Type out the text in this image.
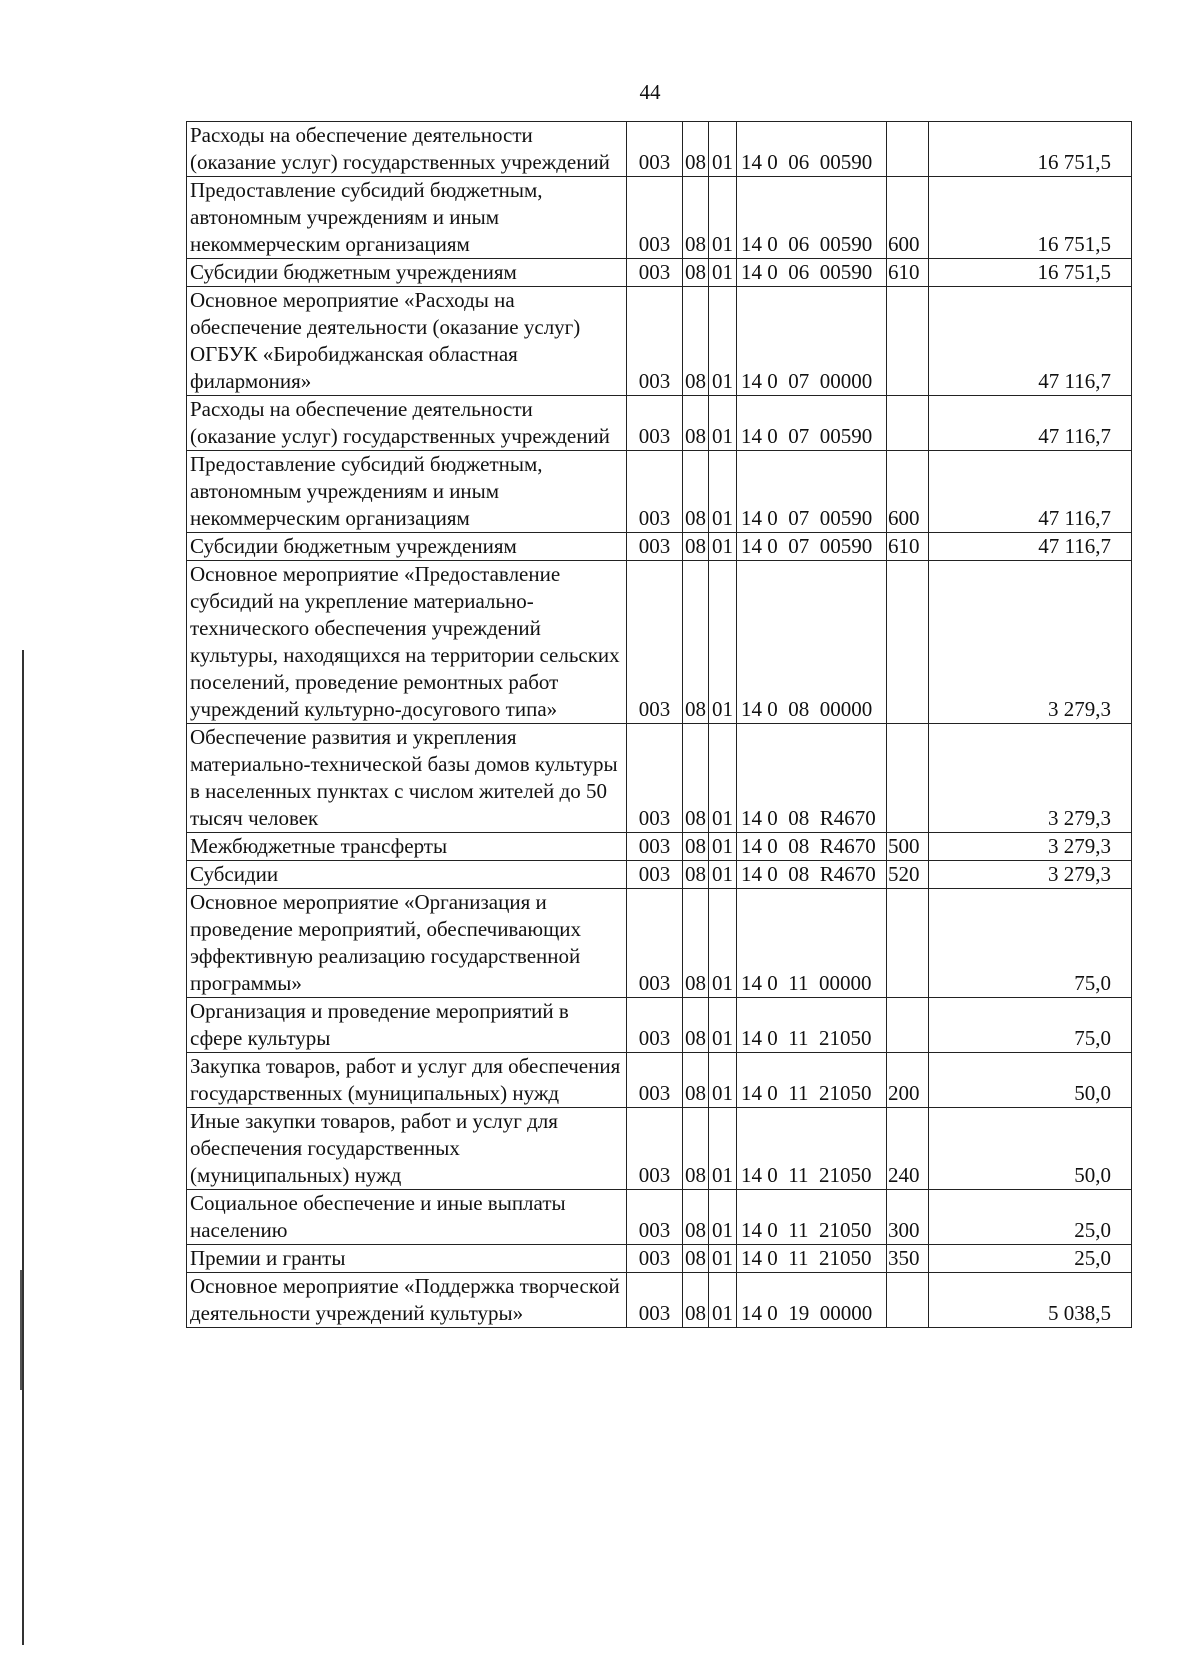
44
Расходы на обеспечение деятельности (оказание услуг) государственных учреждений	003	08	01	14 0  06  00590		16 751,5
Предоставление субсидий бюджетным, автономным учреждениям и иным некоммерческим организациям	003	08	01	14 0  06  00590	600	16 751,5
Субсидии бюджетным учреждениям	003	08	01	14 0  06  00590	610	16 751,5
Основное мероприятие «Расходы на обеспечение деятельности (оказание услуг) ОГБУК «Биробиджанская областная филармония»	003	08	01	14 0  07  00000		47 116,7
Расходы на обеспечение деятельности (оказание услуг) государственных учреждений	003	08	01	14 0  07  00590		47 116,7
Предоставление субсидий бюджетным, автономным учреждениям и иным некоммерческим организациям	003	08	01	14 0  07  00590	600	47 116,7
Субсидии бюджетным учреждениям	003	08	01	14 0  07  00590	610	47 116,7
Основное мероприятие «Предоставление субсидий на укрепление материально-технического обеспечения учреждений культуры, находящихся на территории сельских поселений, проведение ремонтных работ учреждений культурно-досугового типа»	003	08	01	14 0  08  00000		3 279,3
Обеспечение развития и укрепления материально-технической базы домов культуры в населенных пунктах с числом жителей до 50 тысяч человек	003	08	01	14 0  08  R4670		3 279,3
Межбюджетные трансферты	003	08	01	14 0  08  R4670	500	3 279,3
Субсидии	003	08	01	14 0  08  R4670	520	3 279,3
Основное мероприятие «Организация и проведение мероприятий, обеспечивающих эффективную реализацию государственной программы»	003	08	01	14 0  11  00000		75,0
Организация и проведение мероприятий в сфере культуры	003	08	01	14 0  11  21050		75,0
Закупка товаров, работ и услуг для обеспечения государственных (муниципальных) нужд	003	08	01	14 0  11  21050	200	50,0
Иные закупки товаров, работ и услуг для обеспечения государственных (муниципальных) нужд	003	08	01	14 0  11  21050	240	50,0
Социальное обеспечение и иные выплаты населению	003	08	01	14 0  11  21050	300	25,0
Премии и гранты	003	08	01	14 0  11  21050	350	25,0
Основное мероприятие «Поддержка творческой деятельности учреждений культуры»	003	08	01	14 0  19  00000		5 038,5
